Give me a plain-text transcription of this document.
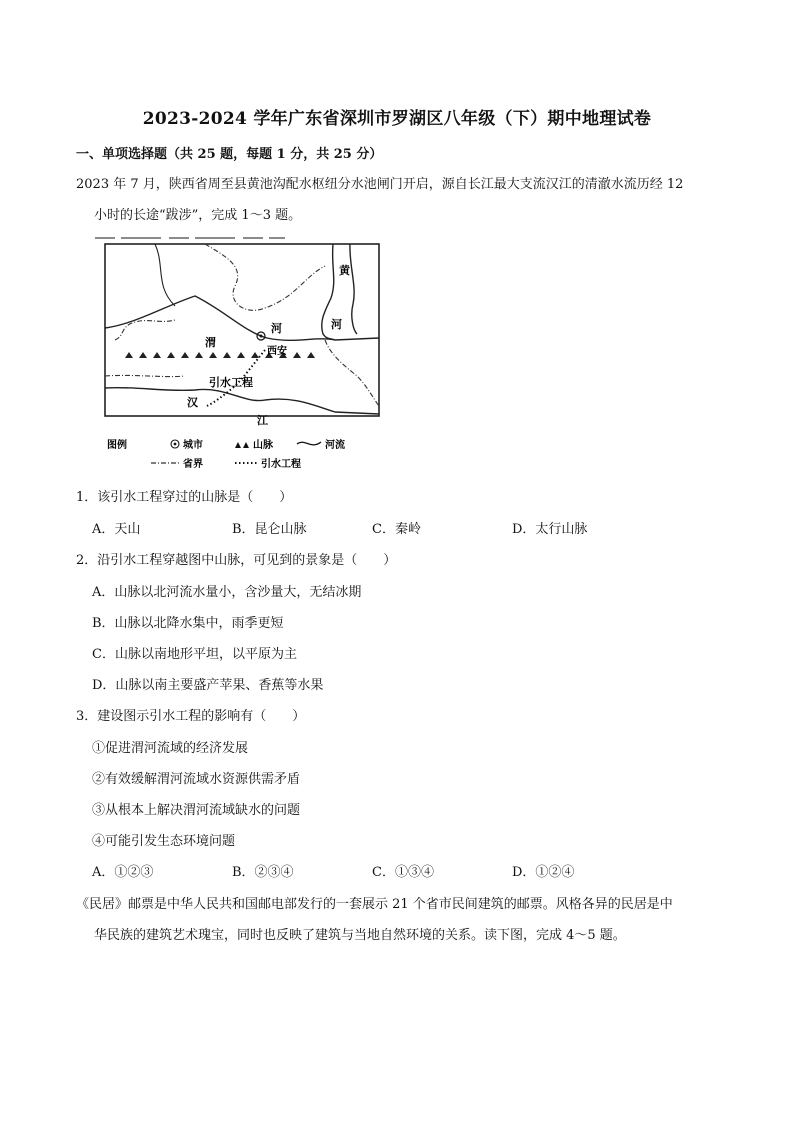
2023-2024 学年广东省深圳市罗湖区八年级（下）期中地理试卷
一、单项选择题（共 25 题，每题 1 分，共 25 分）
2023 年 7 月，陕西省周至县黄池沟配水枢纽分水池闸门开启，源自长江最大支流汉江的清澈水流历经 12
小时的长途“跋涉”，完成 1～3 题。
黄
河
河
渭
西安
引水工程
汉
江
图例	城市	山脉	河流
省界	引水工程
1．该引水工程穿过的山脉是（　　）
A．天山	B．昆仑山脉	C．秦岭	D．太行山脉
2．沿引水工程穿越图中山脉，可见到的景象是（　　）
A．山脉以北河流水量小，含沙量大，无结冰期
B．山脉以北降水集中，雨季更短
C．山脉以南地形平坦，以平原为主
D．山脉以南主要盛产苹果、香蕉等水果
3．建设图示引水工程的影响有（　　）
①促进渭河流域的经济发展
②有效缓解渭河流域水资源供需矛盾
③从根本上解决渭河流域缺水的问题
④可能引发生态环境问题
A．①②③	B．②③④	C．①③④	D．①②④
《民居》邮票是中华人民共和国邮电部发行的一套展示 21 个省市民间建筑的邮票。风格各异的民居是中
华民族的建筑艺术瑰宝，同时也反映了建筑与当地自然环境的关系。读下图，完成 4～5 题。
